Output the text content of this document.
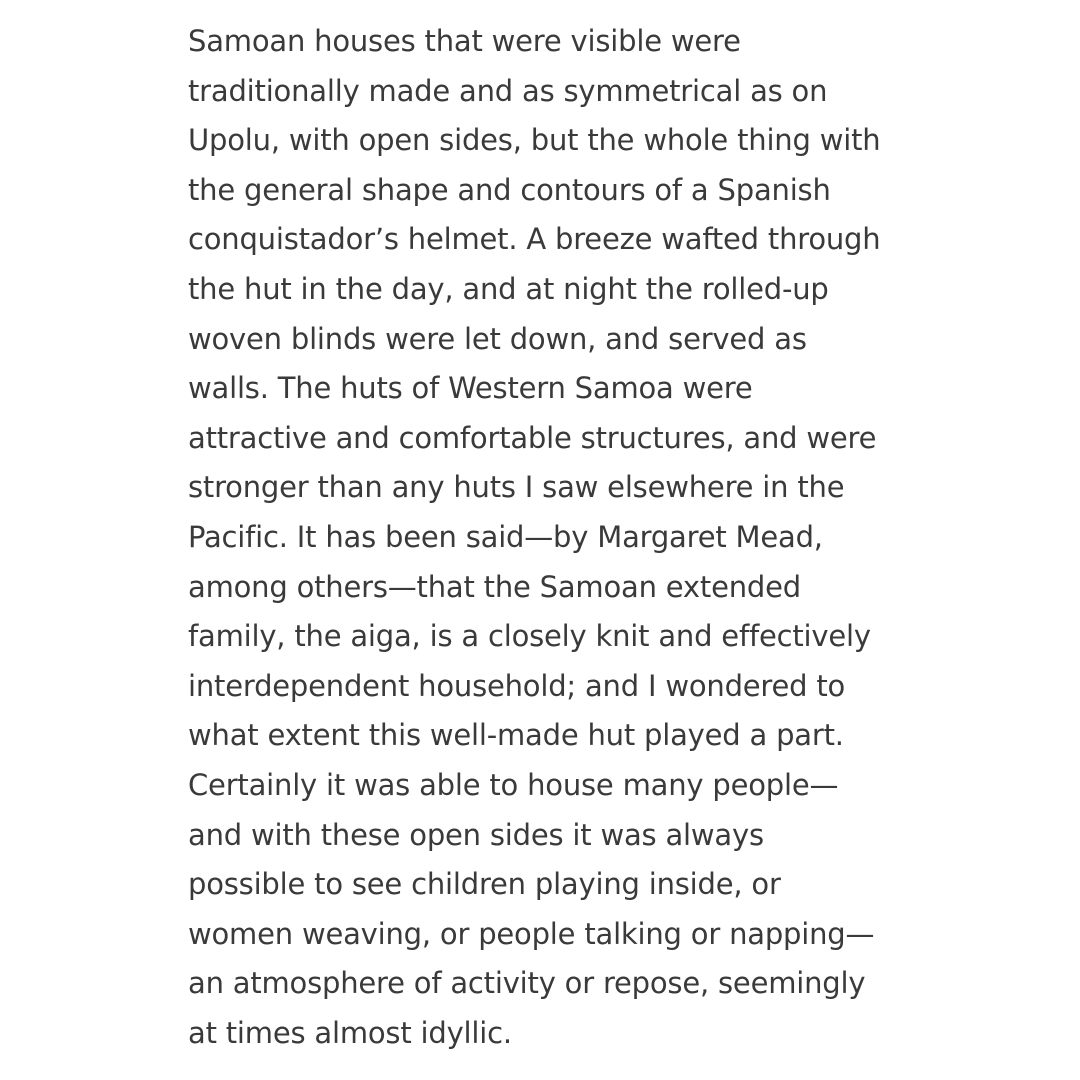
Samoan houses that were visible were
traditionally made and as symmetrical as on
Upolu, with open sides, but the whole thing with
the general shape and contours of a Spanish
conquistador’s helmet. A breeze wafted through
the hut in the day, and at night the rolled-up
woven blinds were let down, and served as
walls. The huts of Western Samoa were
attractive and comfortable structures, and were
stronger than any huts I saw elsewhere in the
Pacific. It has been said—by Margaret Mead,
among others—that the Samoan extended
family, the aiga, is a closely knit and effectively
interdependent household; and I wondered to
what extent this well-made hut played a part.
Certainly it was able to house many people—
and with these open sides it was always
possible to see children playing inside, or
women weaving, or people talking or napping—
an atmosphere of activity or repose, seemingly
at times almost idyllic.
